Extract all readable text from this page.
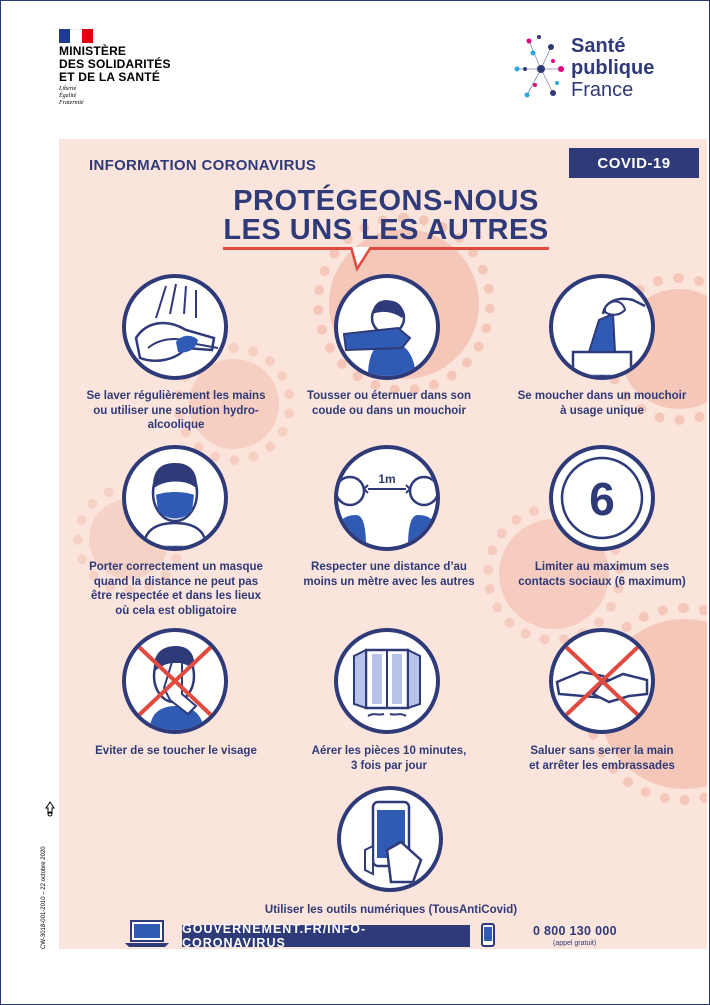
MINISTÈRE
DES SOLIDARITÉS
ET DE LA SANTÉ
Liberté
Égalité
Fraternité
Santé
publique
France
INFORMATION CORONAVIRUS	COVID-19
PROTÉGEONS-NOUS
LES UNS LES AUTRES
Se laver régulièrement les mains
ou utiliser une solution hydro-
alcoolique
Tousser ou éternuer dans son
coude ou dans un mouchoir
Se moucher dans un mouchoir
à usage unique
Porter correctement un masque
quand la distance ne peut pas
être respectée et dans les lieux
où cela est obligatoire
1m
Respecter une distance d’au
moins un mètre avec les autres
6
Limiter au maximum ses
contacts sociaux (6 maximum)
Eviter de se toucher le visage	Aérer les pièces 10 minutes,
3 fois par jour
Saluer sans serrer la main
et arrêter les embrassades
Utiliser les outils numériques (TousAntiCovid)
GOUVERNEMENT.FR/INFO-CORONAVIRUS
0 800 130 000
(appel gratuit)
CW-3018-001-2010 – 22 octobre 2020
